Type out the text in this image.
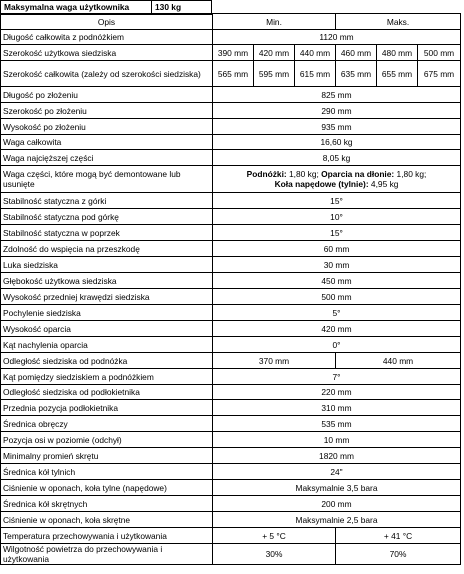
Maksymalna waga użytkownika	130 kg
Opis	Min.			Maks.		
Długość całkowita z podnóżkiem	1120 mm					
Szerokość użytkowa siedziska	390 mm	420 mm	440 mm	460 mm	480 mm	500 mm
Szerokość całkowita (zależy od szerokości siedziska)	565 mm	595 mm	615 mm	635 mm	655 mm	675 mm
Długość po złożeniu	825 mm					
Szerokość po złożeniu	290 mm					
Wysokość po złożeniu	935 mm					
Waga całkowita	16,60 kg					
Waga najcięższej części	8,05 kg					
Waga części, które mogą być demontowane lub usunięte	Podnóżki: 1,80 kg; Oparcia na dłonie: 1,80 kg;
Koła napędowe (tylnie): 4,95 kg					
Stabilność statyczna z górki	15°					
Stabilność statyczna pod górkę	10°					
Stabilność statyczna w poprzek	15°					
Zdolność do wspięcia na przeszkodę	60 mm					
Luka siedziska	30 mm					
Głębokość użytkowa siedziska	450 mm					
Wysokość przedniej krawędzi siedziska	500 mm					
Pochylenie siedziska	5°					
Wysokość oparcia	420 mm					
Kąt nachylenia oparcia	0°					
Odległość siedziska od podnóżka	370 mm			440 mm		
Kąt pomiędzy siedziskiem a podnóżkiem	7°					
Odległość siedziska od podłokietnika	220 mm					
Przednia pozycja podłokietnika	310 mm					
Średnica obręczy	535 mm					
Pozycja osi w poziomie (odchył)	10 mm					
Minimalny promień skrętu	1820 mm					
Średnica kół tylnich	24"					
Ciśnienie w oponach, koła tylne (napędowe)	Maksymalnie 3,5 bara					
Średnica kół skrętnych	200 mm					
Ciśnienie w oponach, koła skrętne	Maksymalnie 2,5 bara					
Temperatura przechowywania i użytkowania	+ 5 °C			+ 41 °C		
Wilgotność powietrza do przechowywania i użytkowania	30%			70%		
